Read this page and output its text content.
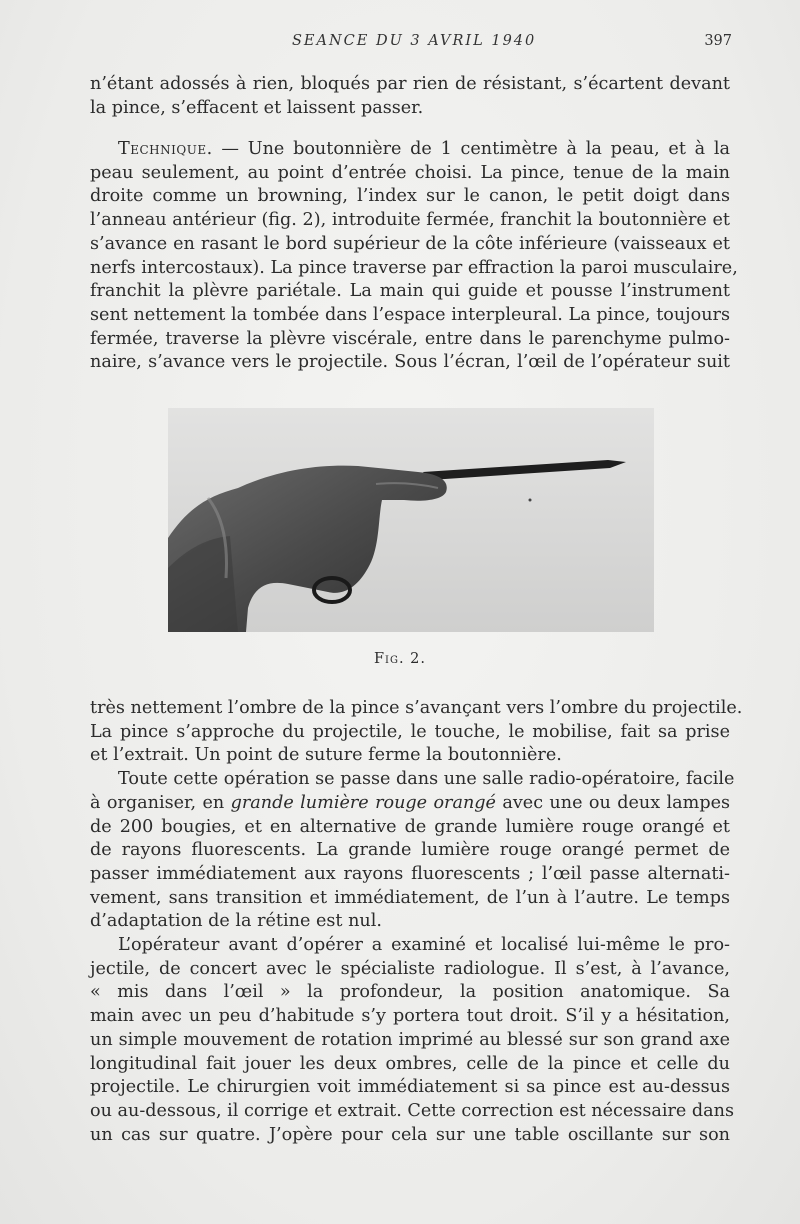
SEANCE DU 3 AVRIL 1940	397
n’étant adossés à rien, bloqués par rien de résistant, s’écartent devant
la pince, s’effacent et laissent passer.
Technique. — Une boutonnière de 1 centimètre à la peau, et à la
peau seulement, au point d’entrée choisi. La pince, tenue de la main
droite comme un browning, l’index sur le canon, le petit doigt dans
l’anneau antérieur (fig. 2), introduite fermée, franchit la boutonnière et
s’avance en rasant le bord supérieur de la côte inférieure (vaisseaux et
nerfs intercostaux). La pince traverse par effraction la paroi musculaire,
franchit la plèvre pariétale. La main qui guide et pousse l’instrument
sent nettement la tombée dans l’espace interpleural. La pince, toujours
fermée, traverse la plèvre viscérale, entre dans le parenchyme pulmo-
naire, s’avance vers le projectile. Sous l’écran, l’œil de l’opérateur suit
Fig. 2.
très nettement l’ombre de la pince s’avançant vers l’ombre du projectile.
La pince s’approche du projectile, le touche, le mobilise, fait sa prise
et l’extrait. Un point de suture ferme la boutonnière.
Toute cette opération se passe dans une salle radio-opératoire, facile
à organiser, en grande lumière rouge orangé avec une ou deux lampes
de 200 bougies, et en alternative de grande lumière rouge orangé et
de rayons fluorescents. La grande lumière rouge orangé permet de
passer immédiatement aux rayons fluorescents ; l’œil passe alternati-
vement, sans transition et immédiatement, de l’un à l’autre. Le temps
d’adaptation de la rétine est nul.
L’opérateur avant d’opérer a examiné et localisé lui-même le pro-
jectile, de concert avec le spécialiste radiologue. Il s’est, à l’avance,
« mis dans l’œil » la profondeur, la position anatomique. Sa
main avec un peu d’habitude s’y portera tout droit. S’il y a hésitation,
un simple mouvement de rotation imprimé au blessé sur son grand axe
longitudinal fait jouer les deux ombres, celle de la pince et celle du
projectile. Le chirurgien voit immédiatement si sa pince est au-dessus
ou au-dessous, il corrige et extrait. Cette correction est nécessaire dans
un cas sur quatre. J’opère pour cela sur une table oscillante sur son
